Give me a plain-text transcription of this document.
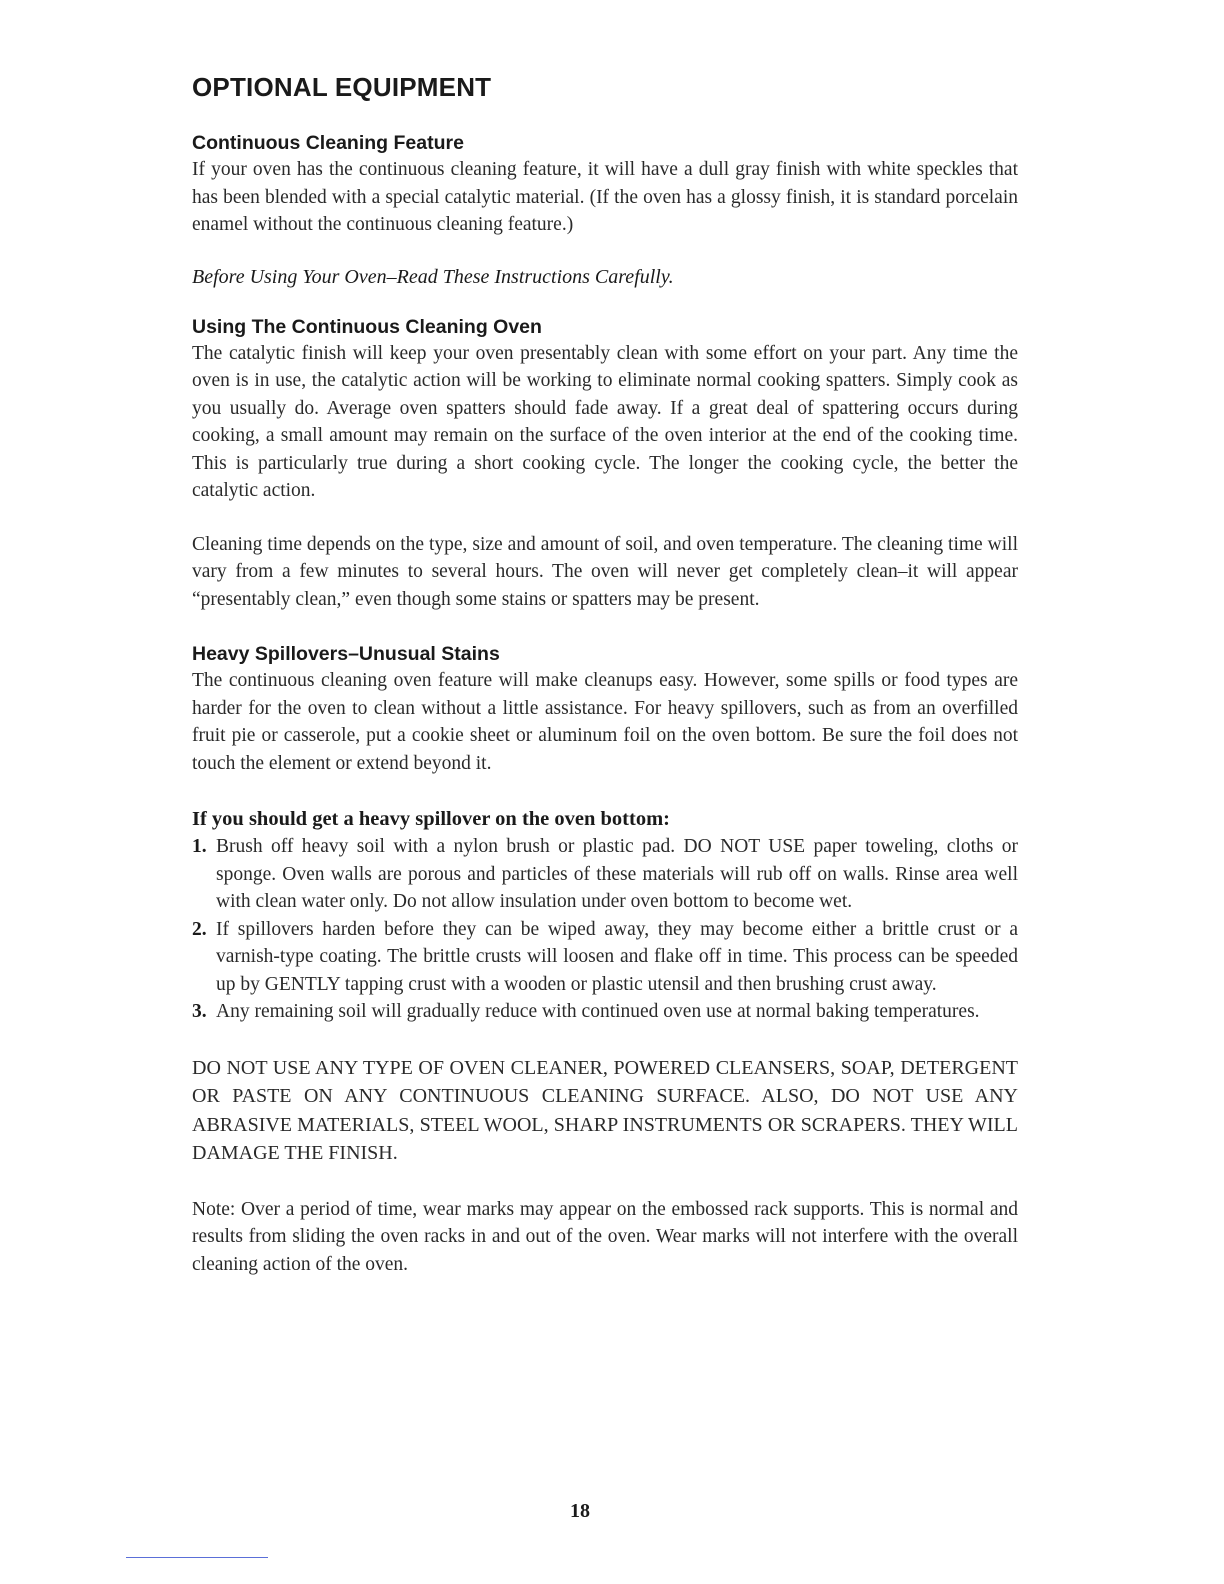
OPTIONAL EQUIPMENT
Continuous Cleaning Feature

If your oven has the continuous cleaning feature, it will have a dull gray finish with white speckles that has been blended with a special catalytic material. (If the oven has a glossy finish, it is standard porcelain enamel without the continuous cleaning feature.)

Before Using Your Oven–Read These Instructions Carefully.

Using The Continuous Cleaning Oven

The catalytic finish will keep your oven presentably clean with some effort on your part. Any time the oven is in use, the catalytic action will be working to eliminate normal cooking spatters. Simply cook as you usually do. Average oven spatters should fade away. If a great deal of spattering occurs during cooking, a small amount may remain on the surface of the oven interior at the end of the cooking time. This is particularly true during a short cooking cycle. The longer the cooking cycle, the better the catalytic action.

Cleaning time depends on the type, size and amount of soil, and oven temperature. The cleaning time will vary from a few minutes to several hours. The oven will never get completely clean–it will appear “presentably clean,” even though some stains or spatters may be present.

Heavy Spillovers–Unusual Stains

The continuous cleaning oven feature will make cleanups easy. However, some spills or food types are harder for the oven to clean without a little assistance. For heavy spillovers, such as from an overfilled fruit pie or casserole, put a cookie sheet or aluminum foil on the oven bottom. Be sure the foil does not touch the element or extend beyond it.

If you should get a heavy spillover on the oven bottom:

1. Brush off heavy soil with a nylon brush or plastic pad. DO NOT USE paper toweling, cloths or sponge. Oven walls are porous and particles of these materials will rub off on walls. Rinse area well with clean water only. Do not allow insulation under oven bottom to become wet.
2. If spillovers harden before they can be wiped away, they may become either a brittle crust or a varnish-type coating. The brittle crusts will loosen and flake off in time. This process can be speeded up by GENTLY tapping crust with a wooden or plastic utensil and then brushing crust away.
3. Any remaining soil will gradually reduce with continued oven use at normal baking temperatures.

DO NOT USE ANY TYPE OF OVEN CLEANER, POWERED CLEANSERS, SOAP, DETERGENT OR PASTE ON ANY CONTINUOUS CLEANING SURFACE. ALSO, DO NOT USE ANY ABRASIVE MATERIALS, STEEL WOOL, SHARP INSTRUMENTS OR SCRAPERS. THEY WILL DAMAGE THE FINISH.

Note: Over a period of time, wear marks may appear on the embossed rack supports. This is normal and results from sliding the oven racks in and out of the oven. Wear marks will not interfere with the overall cleaning action of the oven.

18
